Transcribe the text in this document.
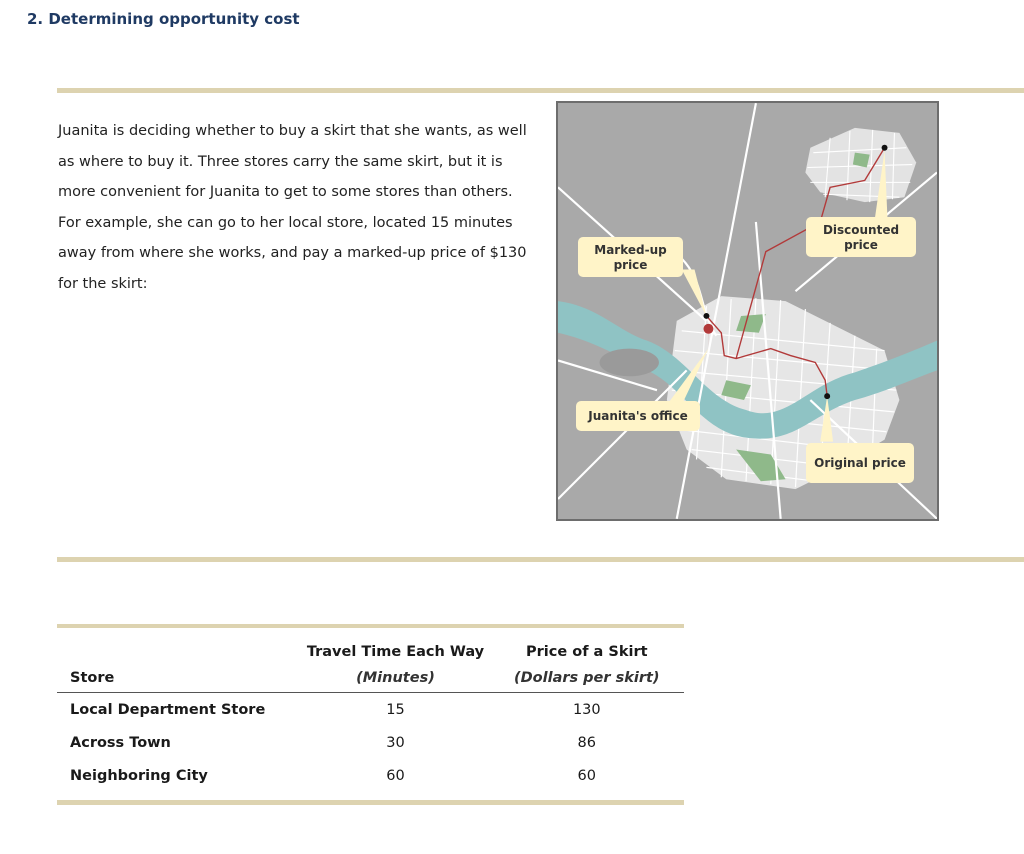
2. Determining opportunity cost
Juanita is deciding whether to buy a skirt that she wants, as well as where to buy it. Three stores carry the same skirt, but it is more convenient for Juanita to get to some stores than others. For example, she can go to her local store, located 15 minutes away from where she works, and pay a marked-up price of $130 for the skirt:
Marked-up
price
Discounted
price
Juanita's office
Original price

	Travel Time Each Way	Price of a Skirt
Store	(Minutes)	(Dollars per skirt)
Local Department Store	15	130
Across Town	30	86
Neighboring City	60	60
